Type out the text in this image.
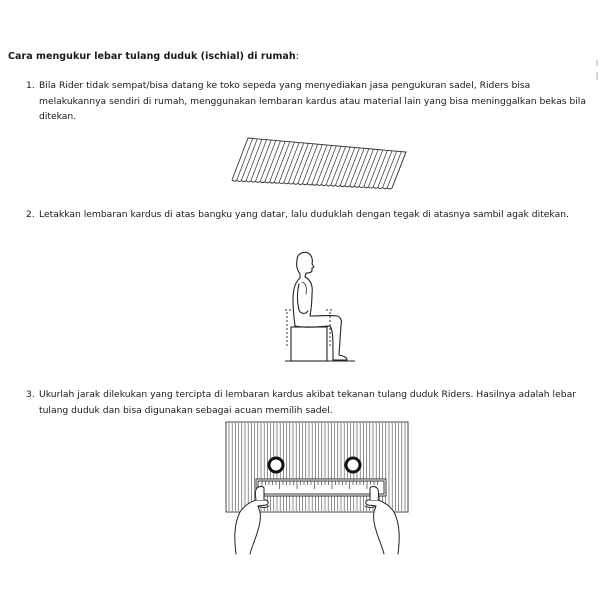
Cara mengukur lebar tulang duduk (ischial) di rumah:
1. Bila Rider tidak sempat/bisa datang ke toko sepeda yang menyediakan jasa pengukuran sadel, Riders bisa melakukannya sendiri di rumah, menggunakan lembaran kardus atau material lain yang bisa meninggalkan bekas bila ditekan.
2. Letakkan lembaran kardus di atas bangku yang datar, lalu duduklah dengan tegak di atasnya sambil agak ditekan.
3. Ukurlah jarak dilekukan yang tercipta di lembaran kardus akibat tekanan tulang duduk Riders. Hasilnya adalah lebar tulang duduk dan bisa digunakan sebagai acuan memilih sadel.
